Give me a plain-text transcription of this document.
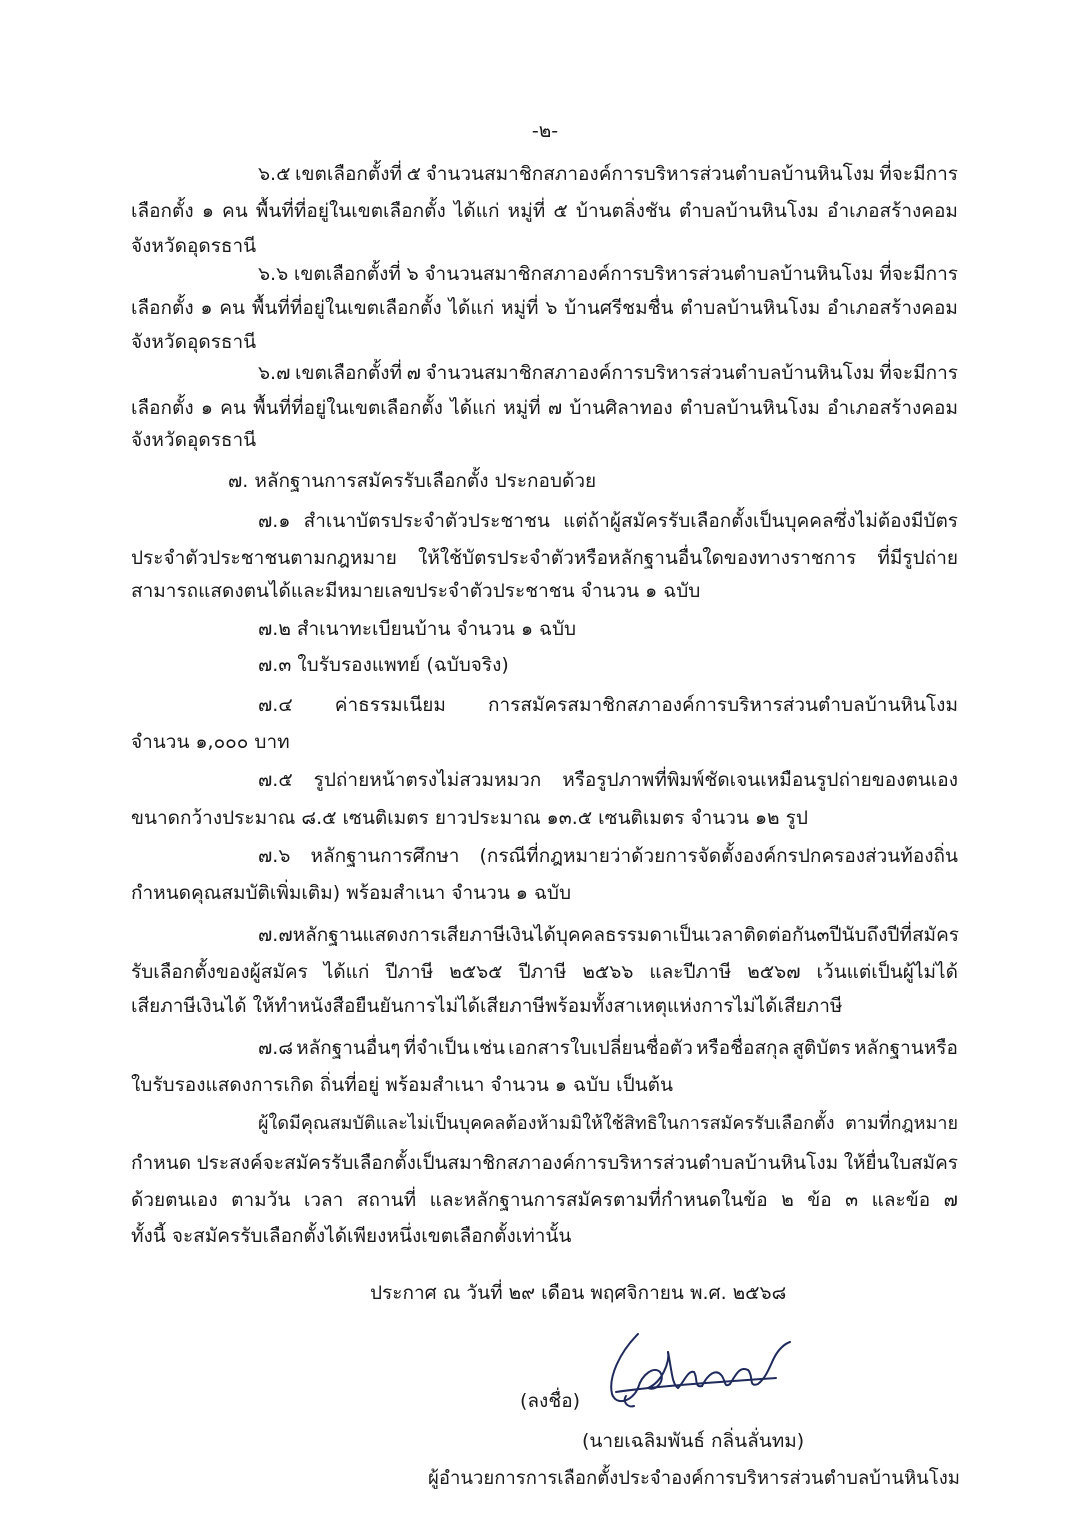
-๒-
๖.๕ เขตเลือกตั้งที่ ๕ จำนวนสมาชิกสภาองค์การบริหารส่วนตำบลบ้านหินโงม ที่จะมีการ
เลือกตั้ง ๑ คน พื้นที่ที่อยู่ในเขตเลือกตั้ง ได้แก่ หมู่ที่ ๕ บ้านตลิ่งชัน ตำบลบ้านหินโงม อำเภอสร้างคอม
จังหวัดอุดรธานี
๖.๖ เขตเลือกตั้งที่ ๖ จำนวนสมาชิกสภาองค์การบริหารส่วนตำบลบ้านหินโงม ที่จะมีการ
เลือกตั้ง ๑ คน พื้นที่ที่อยู่ในเขตเลือกตั้ง ได้แก่ หมู่ที่ ๖ บ้านศรีชมชื่น ตำบลบ้านหินโงม อำเภอสร้างคอม
จังหวัดอุดรธานี
๖.๗ เขตเลือกตั้งที่ ๗ จำนวนสมาชิกสภาองค์การบริหารส่วนตำบลบ้านหินโงม ที่จะมีการ
เลือกตั้ง ๑ คน พื้นที่ที่อยู่ในเขตเลือกตั้ง ได้แก่ หมู่ที่ ๗ บ้านศิลาทอง ตำบลบ้านหินโงม อำเภอสร้างคอม
จังหวัดอุดรธานี
๗. หลักฐานการสมัครรับเลือกตั้ง ประกอบด้วย
๗.๑ สำเนาบัตรประจำตัวประชาชน แต่ถ้าผู้สมัครรับเลือกตั้งเป็นบุคคลซึ่งไม่ต้องมีบัตร
ประจำตัวประชาชนตามกฎหมาย ให้ใช้บัตรประจำตัวหรือหลักฐานอื่นใดของทางราชการ ที่มีรูปถ่าย
สามารถแสดงตนได้และมีหมายเลขประจำตัวประชาชน จำนวน ๑ ฉบับ
๗.๒ สำเนาทะเบียนบ้าน จำนวน ๑ ฉบับ
๗.๓ ใบรับรองแพทย์ (ฉบับจริง)
๗.๔ ค่าธรรมเนียม การสมัครสมาชิกสภาองค์การบริหารส่วนตำบลบ้านหินโงม
จำนวน ๑,๐๐๐ บาท
๗.๕ รูปถ่ายหน้าตรงไม่สวมหมวก หรือรูปภาพที่พิมพ์ชัดเจนเหมือนรูปถ่ายของตนเอง
ขนาดกว้างประมาณ ๘.๕ เซนติเมตร ยาวประมาณ ๑๓.๕ เซนติเมตร จำนวน ๑๒ รูป
๗.๖ หลักฐานการศึกษา (กรณีที่กฎหมายว่าด้วยการจัดตั้งองค์กรปกครองส่วนท้องถิ่น
กำหนดคุณสมบัติเพิ่มเติม) พร้อมสำเนา จำนวน ๑ ฉบับ
๗.๗ หลักฐานแสดงการเสียภาษีเงินได้บุคคลธรรมดาเป็นเวลาติดต่อกัน ๓ ปี นับถึงปีที่สมัคร
รับเลือกตั้งของผู้สมัคร ได้แก่ ปีภาษี ๒๕๖๕ ปีภาษี ๒๕๖๖ และปีภาษี ๒๕๖๗ เว้นแต่เป็นผู้ไม่ได้
เสียภาษีเงินได้ ให้ทำหนังสือยืนยันการไม่ได้เสียภาษีพร้อมทั้งสาเหตุแห่งการไม่ได้เสียภาษี
๗.๘ หลักฐานอื่นๆ ที่จำเป็น เช่น เอกสารใบเปลี่ยนชื่อตัว หรือชื่อสกุล สูติบัตร หลักฐานหรือ
ใบรับรองแสดงการเกิด ถิ่นที่อยู่ พร้อมสำเนา จำนวน ๑ ฉบับ เป็นต้น
ผู้ใดมีคุณสมบัติและไม่เป็นบุคคลต้องห้ามมิให้ใช้สิทธิในการสมัครรับเลือกตั้ง ตามที่กฎหมาย
กำหนด ประสงค์จะสมัครรับเลือกตั้งเป็นสมาชิกสภาองค์การบริหารส่วนตำบลบ้านหินโงม ให้ยื่นใบสมัคร
ด้วยตนเอง ตามวัน เวลา สถานที่ และหลักฐานการสมัครตามที่กำหนดในข้อ ๒ ข้อ ๓ และข้อ ๗
ทั้งนี้ จะสมัครรับเลือกตั้งได้เพียงหนึ่งเขตเลือกตั้งเท่านั้น
ประกาศ ณ วันที่ ๒๙ เดือน พฤศจิกายน พ.ศ. ๒๕๖๘
(ลงชื่อ)
(นายเฉลิมพันธ์ กลิ่นลั่นทม)
ผู้อำนวยการการเลือกตั้งประจำองค์การบริหารส่วนตำบลบ้านหินโงม
